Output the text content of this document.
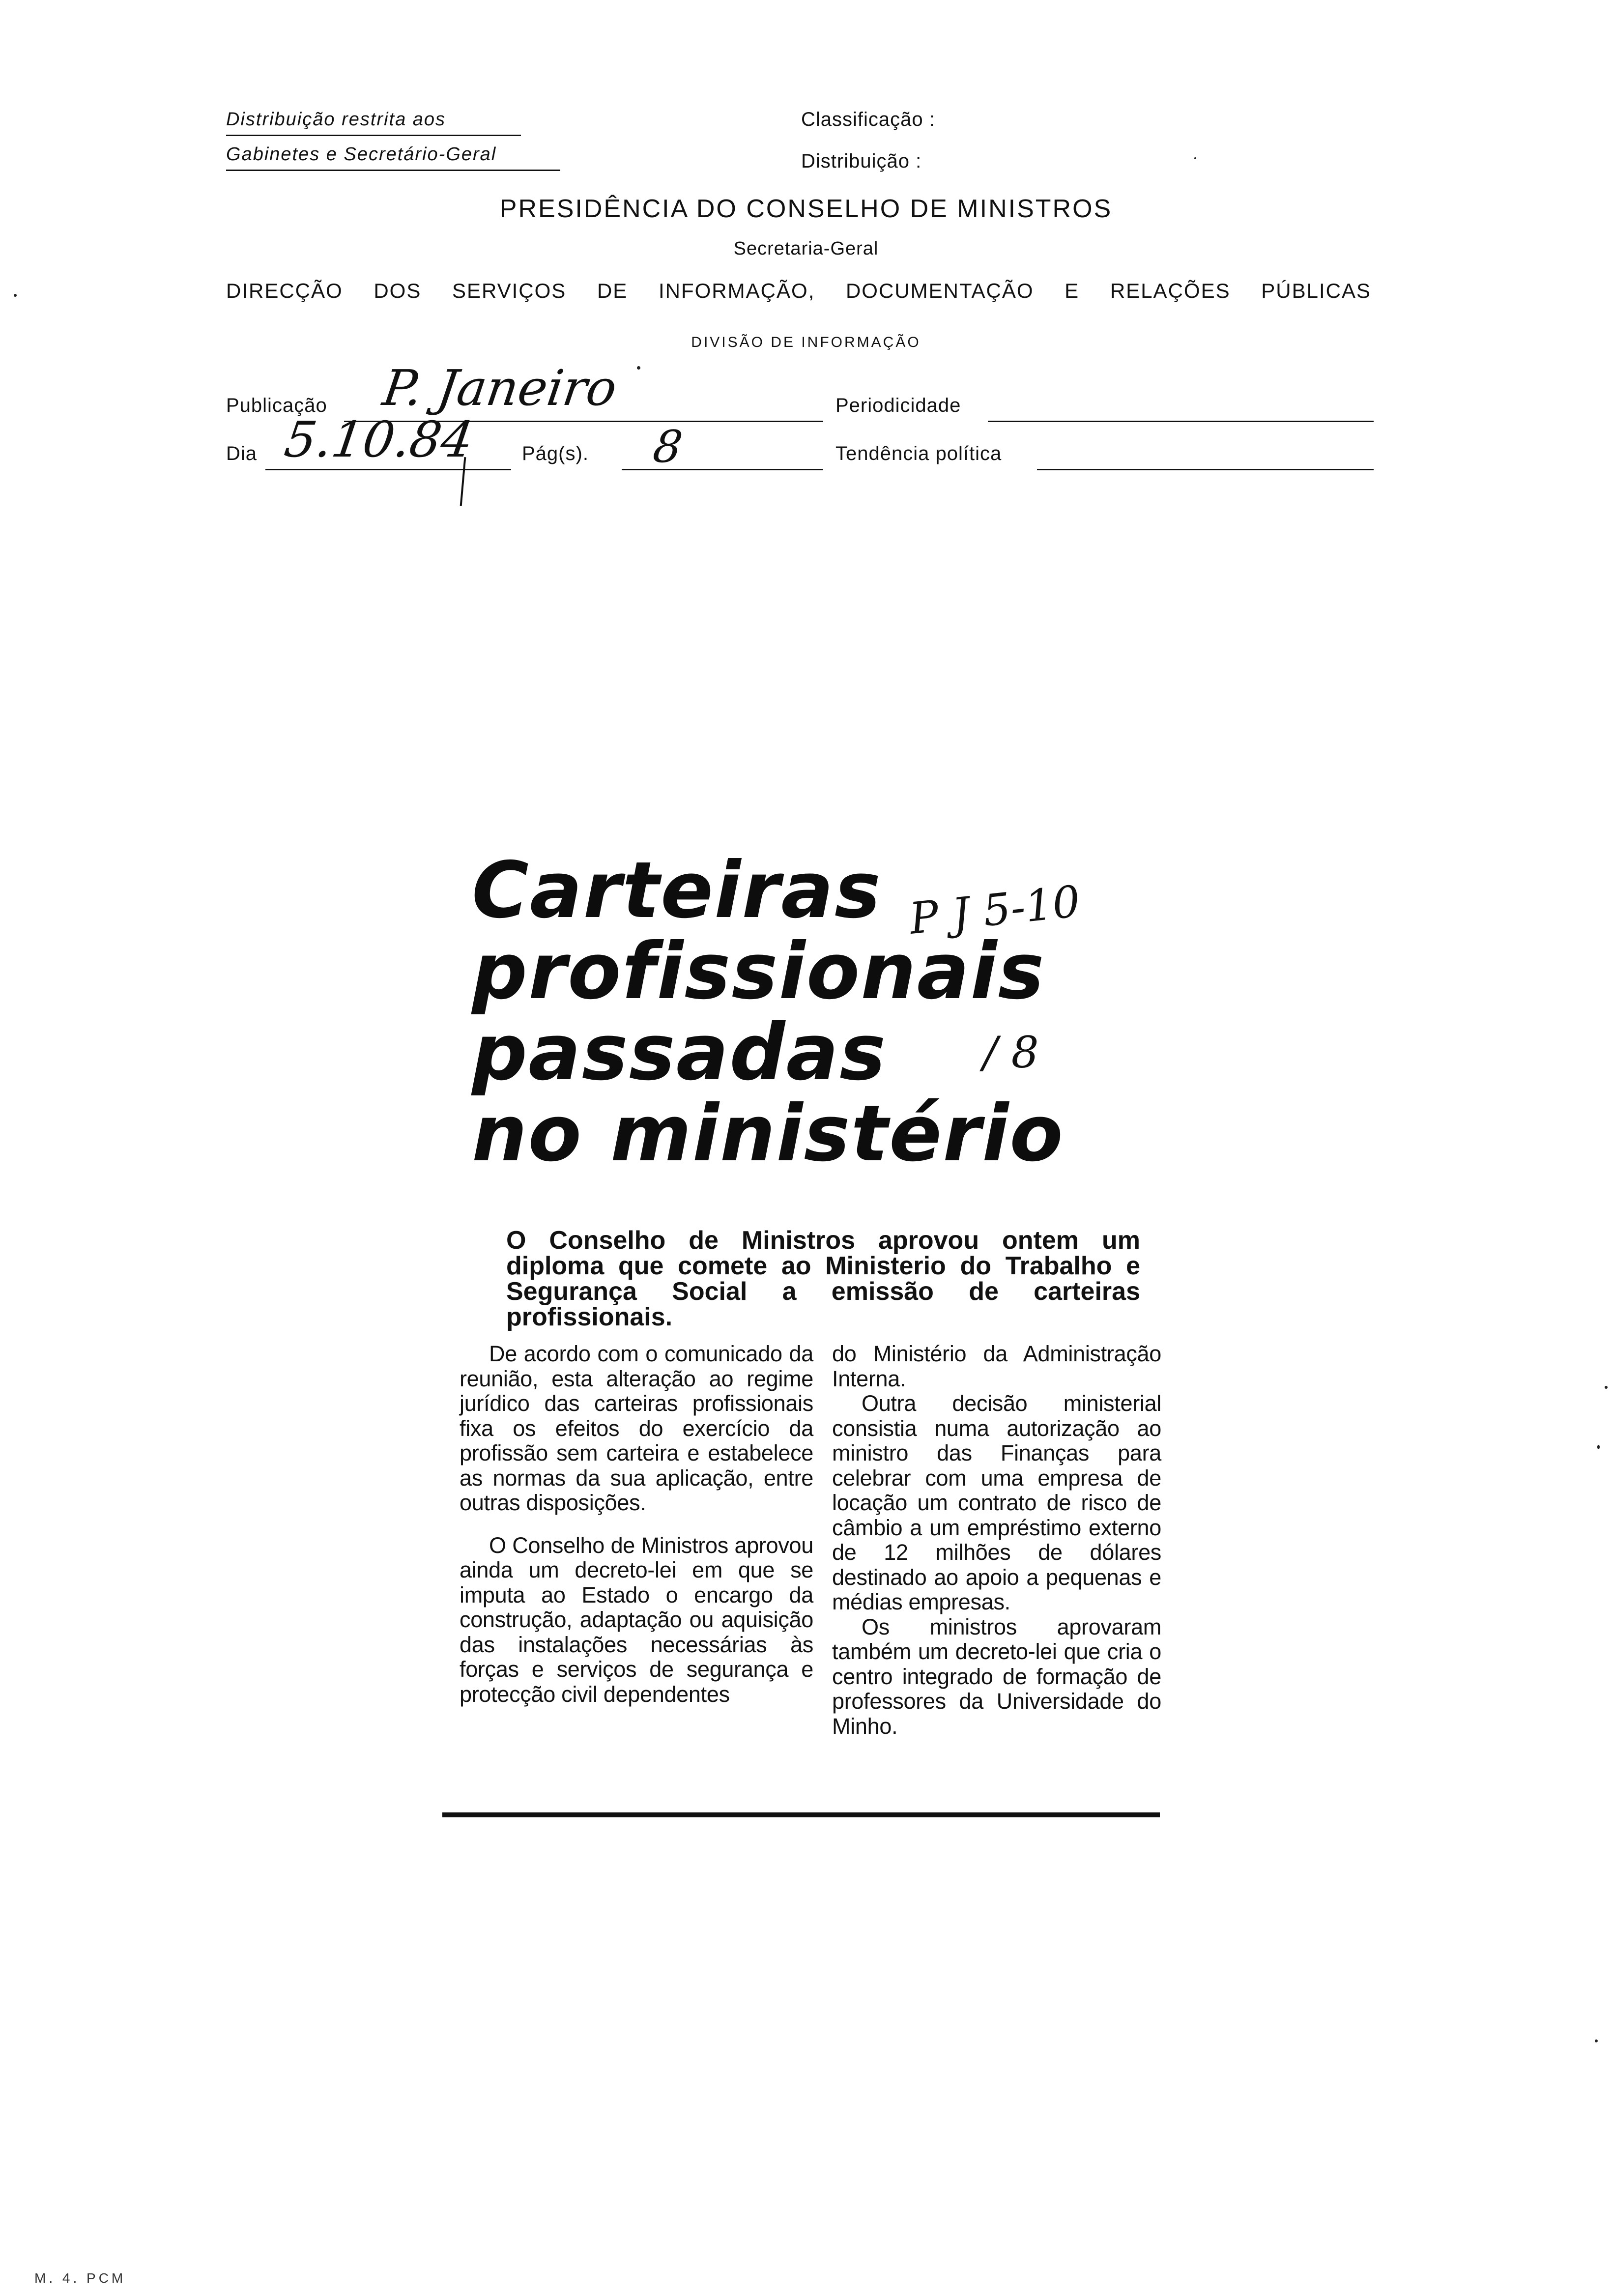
Distribuição restrita aos
Gabinetes e Secretário-Geral
Classificação :
Distribuição :
PRESIDÊNCIA DO CONSELHO DE MINISTROS
Secretaria-Geral
DIRECÇÃO DOS SERVIÇOS DE INFORMAÇÃO, DOCUMENTAÇÃO E RELAÇÕES PÚBLICAS
DIVISÃO DE INFORMAÇÃO
Publicação P. Janeiro	Periodicidade
Dia 5.10.84 Pág(s). 8	Tendência política
Carteiras
profissionais
passadas
no ministério
P J 5-10
/ 8
O Conselho de Ministros aprovou ontem um diploma que comete ao Ministerio do Trabalho e Segurança Social a emissão de carteiras profissionais.

De acordo com o comunicado da reunião, esta alteração ao regime jurídico das carteiras profissionais fixa os efeitos do exercício da profissão sem carteira e estabelece as normas da sua aplicação, entre outras disposições.

O Conselho de Ministros aprovou ainda um decreto-lei em que se imputa ao Estado o encargo da construção, adaptação ou aquisição das instalações necessárias às forças e serviços de segurança e protecção civil dependentes

do Ministério da Administração Interna.

Outra decisão ministerial consistia numa autorização ao ministro das Finanças para celebrar com uma empresa de locação um contrato de risco de câmbio a um empréstimo externo de 12 milhões de dólares destinado ao apoio a pequenas e médias empresas.

Os ministros aprovaram também um decreto-lei que cria o centro integrado de formação de professores da Universidade do Minho.

M. 4. PCM
